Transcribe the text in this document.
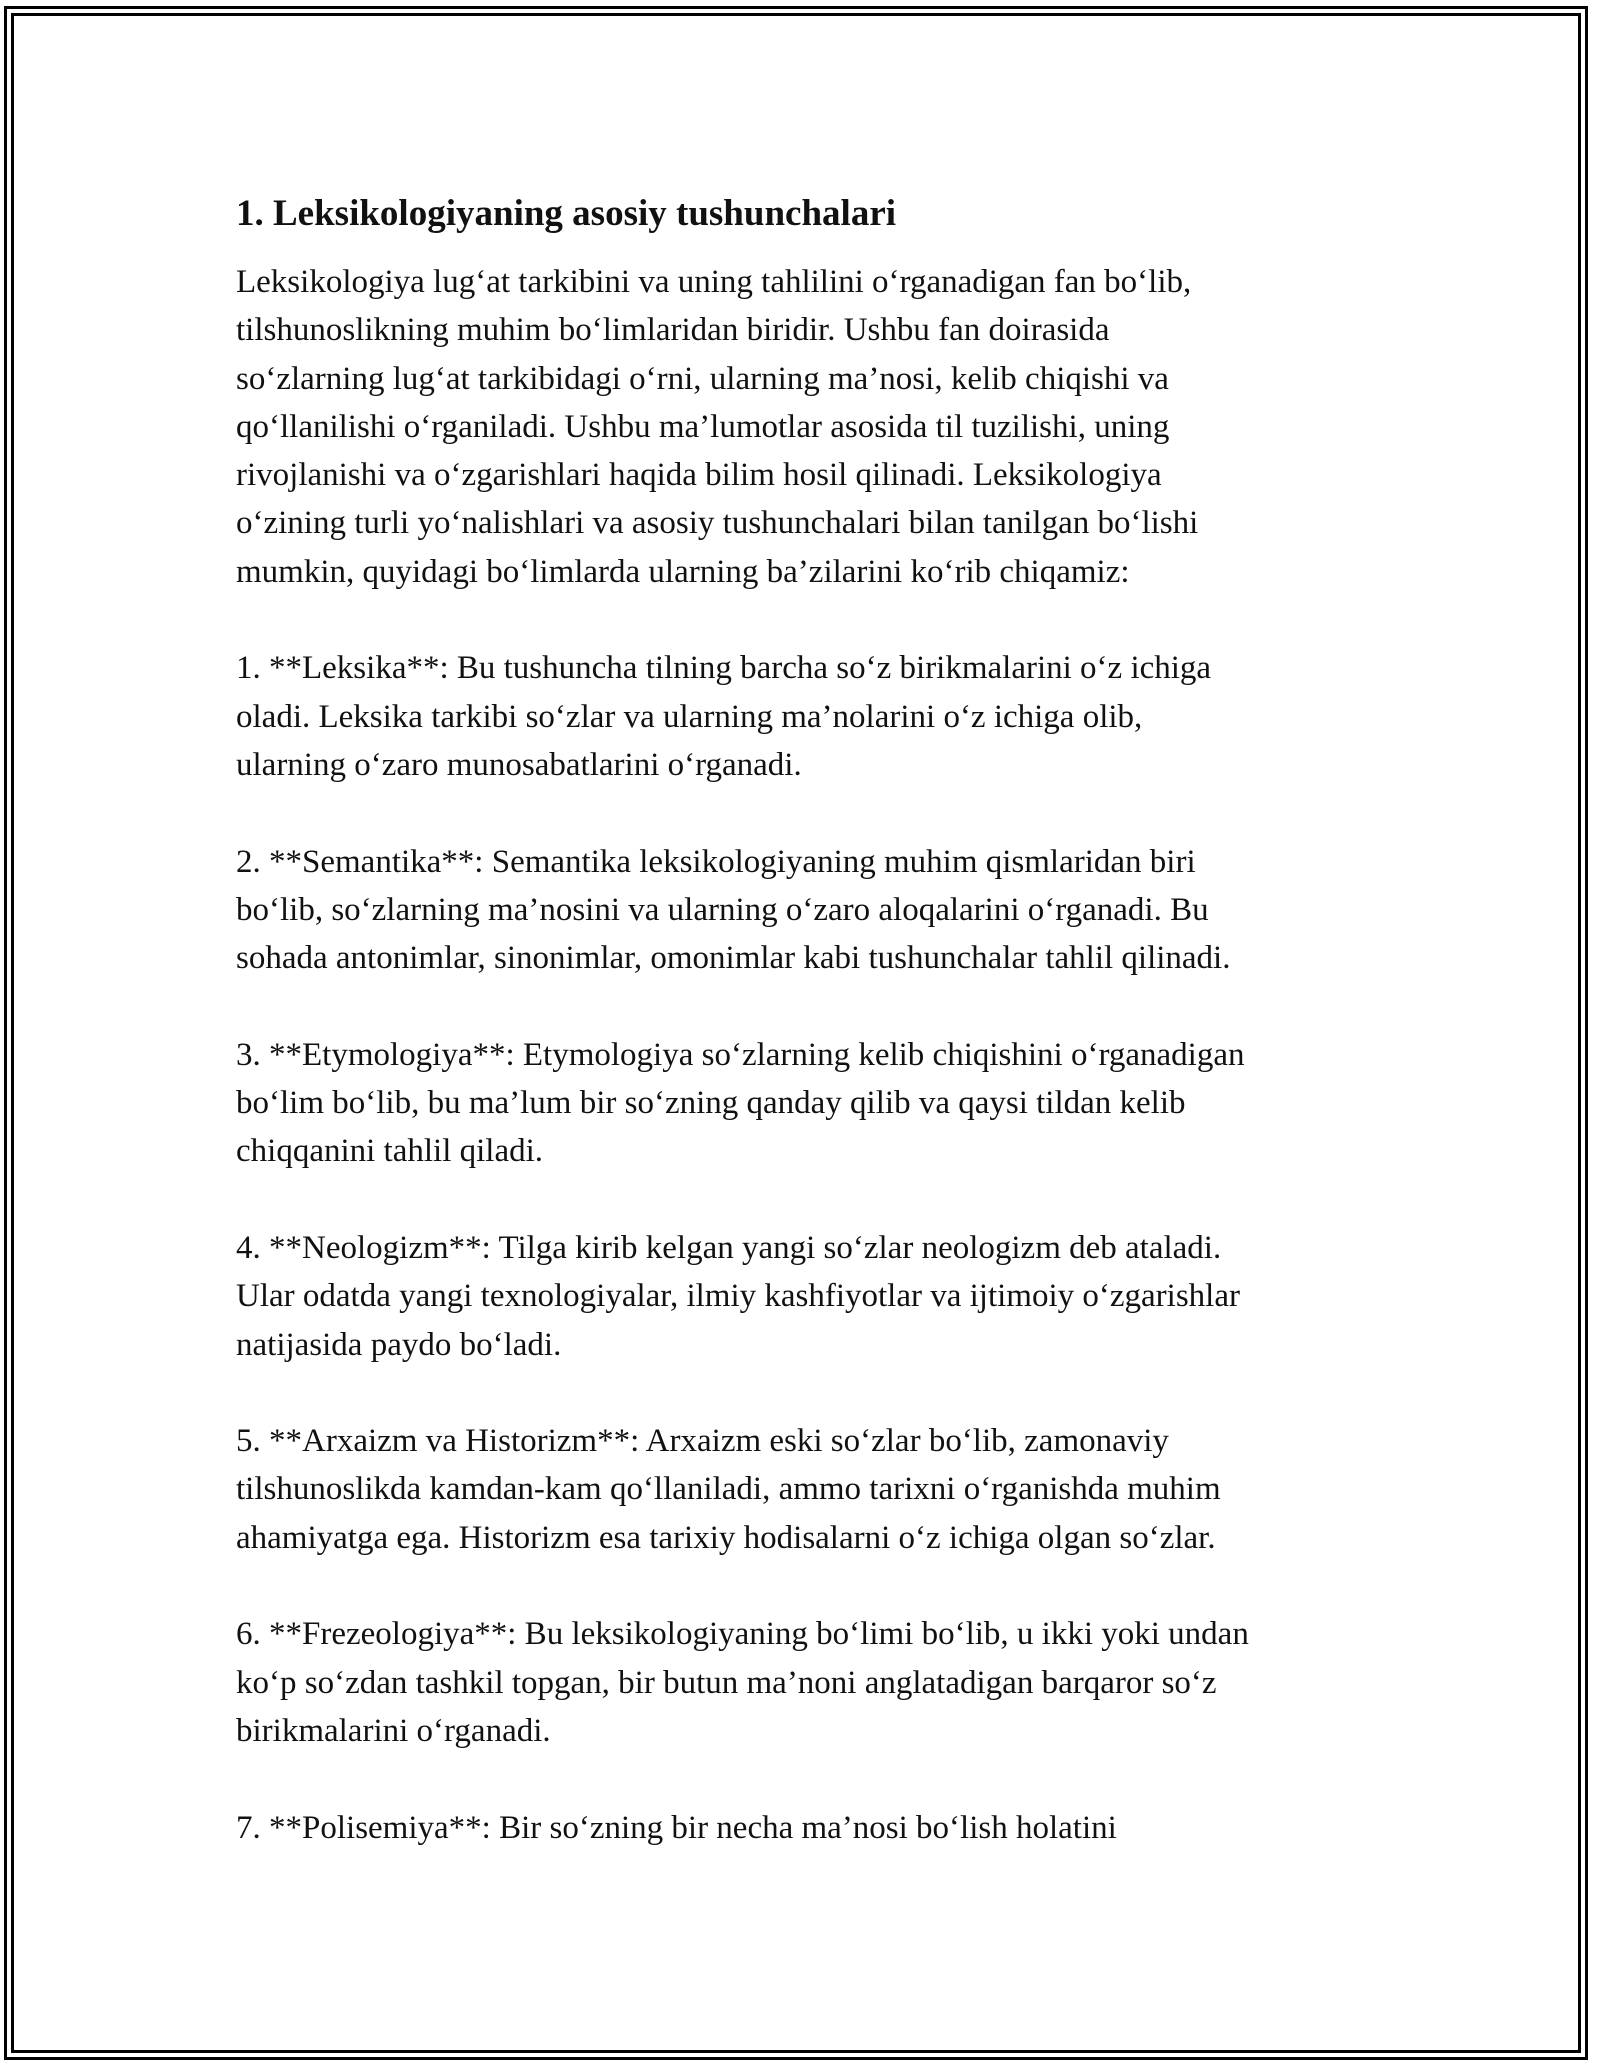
1. Leksikologiyaning asosiy tushunchalari

Leksikologiya lug‘at tarkibini va uning tahlilini o‘rganadigan fan bo‘lib,
tilshunoslikning muhim bo‘limlaridan biridir. Ushbu fan doirasida
so‘zlarning lug‘at tarkibidagi o‘rni, ularning ma’nosi, kelib chiqishi va
qo‘llanilishi o‘rganiladi. Ushbu ma’lumotlar asosida til tuzilishi, uning
rivojlanishi va o‘zgarishlari haqida bilim hosil qilinadi. Leksikologiya
o‘zining turli yo‘nalishlari va asosiy tushunchalari bilan tanilgan bo‘lishi
mumkin, quyidagi bo‘limlarda ularning ba’zilarini ko‘rib chiqamiz:

1. **Leksika**: Bu tushuncha tilning barcha so‘z birikmalarini o‘z ichiga
oladi. Leksika tarkibi so‘zlar va ularning ma’nolarini o‘z ichiga olib,
ularning o‘zaro munosabatlarini o‘rganadi.

2. **Semantika**: Semantika leksikologiyaning muhim qismlaridan biri
bo‘lib, so‘zlarning ma’nosini va ularning o‘zaro aloqalarini o‘rganadi. Bu
sohada antonimlar, sinonimlar, omonimlar kabi tushunchalar tahlil qilinadi.

3. **Etymologiya**: Etymologiya so‘zlarning kelib chiqishini o‘rganadigan
bo‘lim bo‘lib, bu ma’lum bir so‘zning qanday qilib va qaysi tildan kelib
chiqqanini tahlil qiladi.

4. **Neologizm**: Tilga kirib kelgan yangi so‘zlar neologizm deb ataladi.
Ular odatda yangi texnologiyalar, ilmiy kashfiyotlar va ijtimoiy o‘zgarishlar
natijasida paydo bo‘ladi.

5. **Arxaizm va Historizm**: Arxaizm eski so‘zlar bo‘lib, zamonaviy
tilshunoslikda kamdan-kam qo‘llaniladi, ammo tarixni o‘rganishda muhim
ahamiyatga ega. Historizm esa tarixiy hodisalarni o‘z ichiga olgan so‘zlar.

6. **Frezeologiya**: Bu leksikologiyaning bo‘limi bo‘lib, u ikki yoki undan
ko‘p so‘zdan tashkil topgan, bir butun ma’noni anglatadigan barqaror so‘z
birikmalarini o‘rganadi.

7. **Polisemiya**: Bir so‘zning bir necha ma’nosi bo‘lish holatini
